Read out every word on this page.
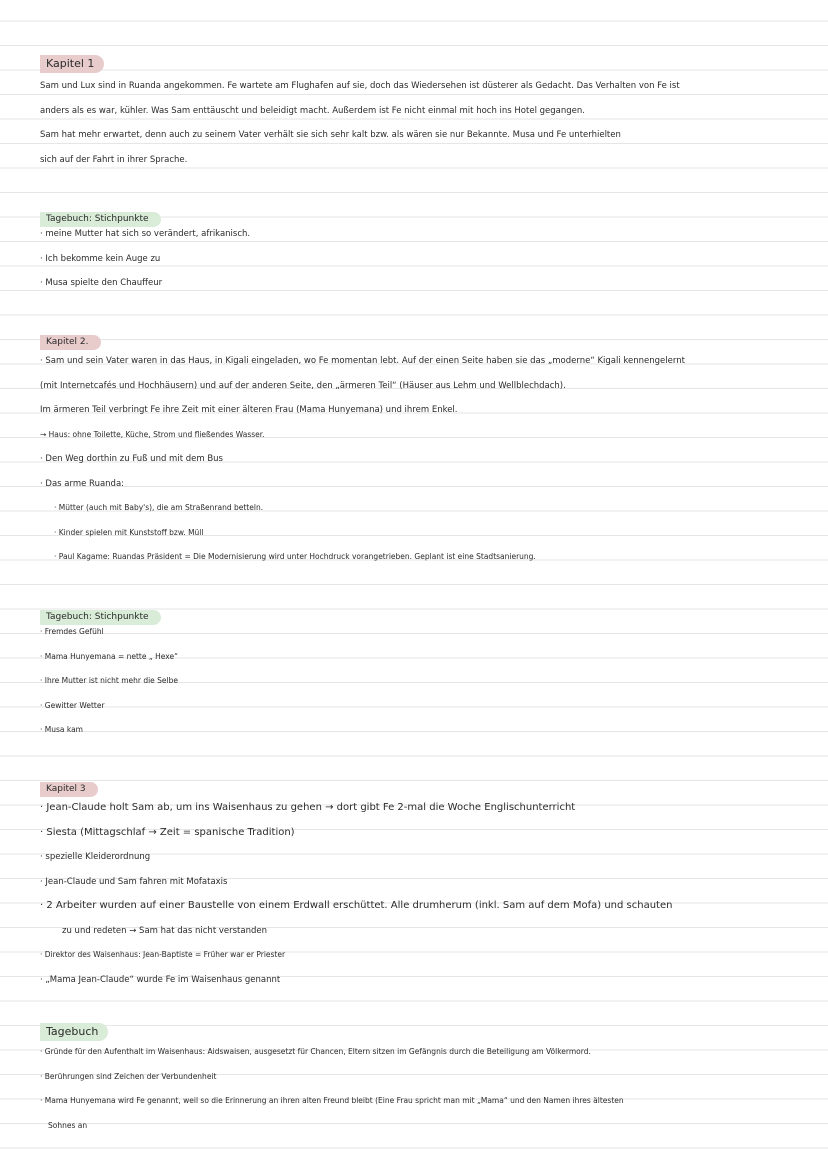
Kapitel 1
Sam und Lux sind in Ruanda angekommen. Fe wartete am Flughafen auf sie, doch das Wiedersehen ist düsterer als Gedacht. Das Verhalten von Fe ist
anders als es war, kühler. Was Sam enttäuscht und beleidigt macht. Außerdem ist Fe nicht einmal mit hoch ins Hotel gegangen.
Sam hat mehr erwartet, denn auch zu seinem Vater verhält sie sich sehr kalt bzw. als wären sie nur Bekannte. Musa und Fe unterhielten
sich auf der Fahrt in ihrer Sprache.
Tagebuch: Stichpunkte
· meine Mutter hat sich so verändert, afrikanisch.
· Ich bekomme kein Auge zu
· Musa spielte den Chauffeur
Kapitel 2.
· Sam und sein Vater waren in das Haus, in Kigali eingeladen, wo Fe momentan lebt. Auf der einen Seite haben sie das „moderne“ Kigali kennengelernt
(mit Internetcafés und Hochhäusern) und auf der anderen Seite, den „ärmeren Teil“ (Häuser aus Lehm und Wellblechdach).
Im ärmeren Teil verbringt Fe ihre Zeit mit einer älteren Frau (Mama Hunyemana) und ihrem Enkel.
→ Haus: ohne Toilette, Küche, Strom und fließendes Wasser.
· Den Weg dorthin zu Fuß und mit dem Bus
· Das arme Ruanda:
· Mütter (auch mit Baby's), die am Straßenrand betteln.
· Kinder spielen mit Kunststoff bzw. Müll
· Paul Kagame: Ruandas Präsident = Die Modernisierung wird unter Hochdruck vorangetrieben. Geplant ist eine Stadtsanierung.
Tagebuch: Stichpunkte
· Fremdes Gefühl
· Mama Hunyemana = nette „ Hexe“
· Ihre Mutter ist nicht mehr die Selbe
· Gewitter Wetter
· Musa kam
Kapitel 3
· Jean-Claude holt Sam ab, um ins Waisenhaus zu gehen → dort gibt Fe 2-mal die Woche Englischunterricht
· Siesta (Mittagschlaf → Zeit = spanische Tradition)
· spezielle Kleiderordnung
· Jean-Claude und Sam fahren mit Mofataxis
· 2 Arbeiter wurden auf einer Baustelle von einem Erdwall erschüttet. Alle drumherum (inkl. Sam auf dem Mofa) und schauten
zu und redeten → Sam hat das nicht verstanden
· Direktor des Waisenhaus: Jean-Baptiste = Früher war er Priester
· „Mama Jean-Claude“ wurde Fe im Waisenhaus genannt
Tagebuch
· Gründe für den Aufenthalt im Waisenhaus: Aidswaisen, ausgesetzt für Chancen, Eltern sitzen im Gefängnis durch die Beteiligung am Völkermord.
· Berührungen sind Zeichen der Verbundenheit
· Mama Hunyemana wird Fe genannt, weil so die Erinnerung an ihren alten Freund bleibt (Eine Frau spricht man mit „Mama“ und den Namen ihres ältesten
Sohnes an
